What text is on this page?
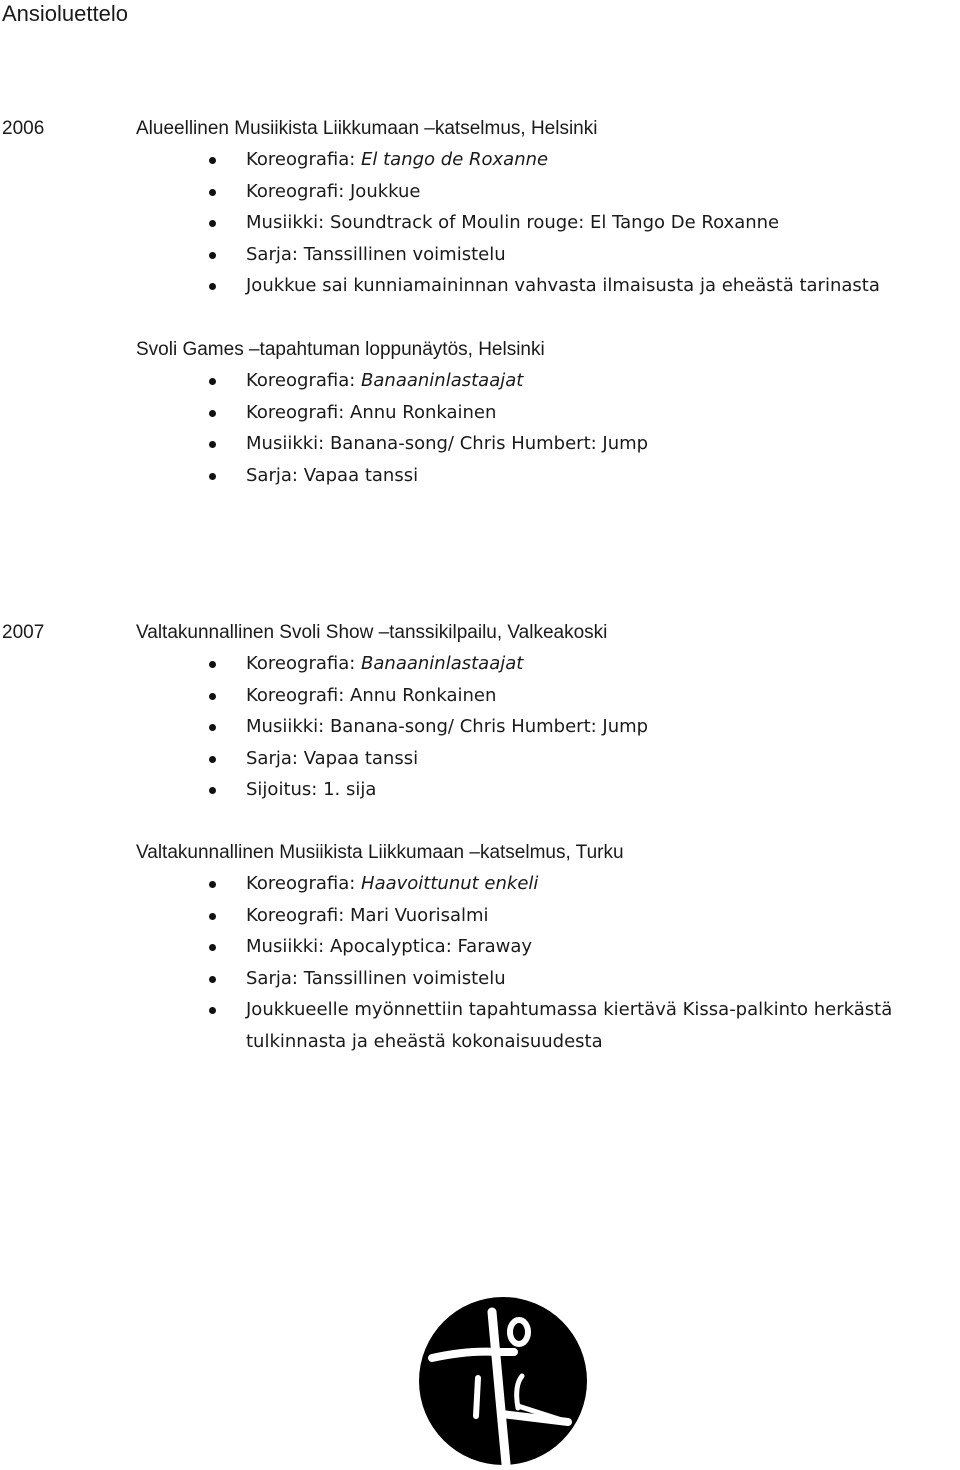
Ansioluettelo
2006	Alueellinen Musiikista Liikkumaan –katselmus, Helsinki
Koreografia: El tango de Roxanne
Koreografi: Joukkue
Musiikki: Soundtrack of Moulin rouge: El Tango De Roxanne
Sarja: Tanssillinen voimistelu
Joukkue sai kunniamaininnan vahvasta ilmaisusta ja eheästä tarinasta
Svoli Games –tapahtuman loppunäytös, Helsinki
Koreografia: Banaaninlastaajat
Koreografi: Annu Ronkainen
Musiikki: Banana-song/ Chris Humbert: Jump
Sarja: Vapaa tanssi
2007	Valtakunnallinen Svoli Show –tanssikilpailu, Valkeakoski
Koreografia: Banaaninlastaajat
Koreografi: Annu Ronkainen
Musiikki: Banana-song/ Chris Humbert: Jump
Sarja: Vapaa tanssi
Sijoitus: 1. sija
Valtakunnallinen Musiikista Liikkumaan –katselmus, Turku
Koreografia: Haavoittunut enkeli
Koreografi: Mari Vuorisalmi
Musiikki: Apocalyptica: Faraway
Sarja: Tanssillinen voimistelu
Joukkueelle myönnettiin tapahtumassa kiertävä Kissa-palkinto herkästä tulkinnasta ja eheästä kokonaisuudesta
